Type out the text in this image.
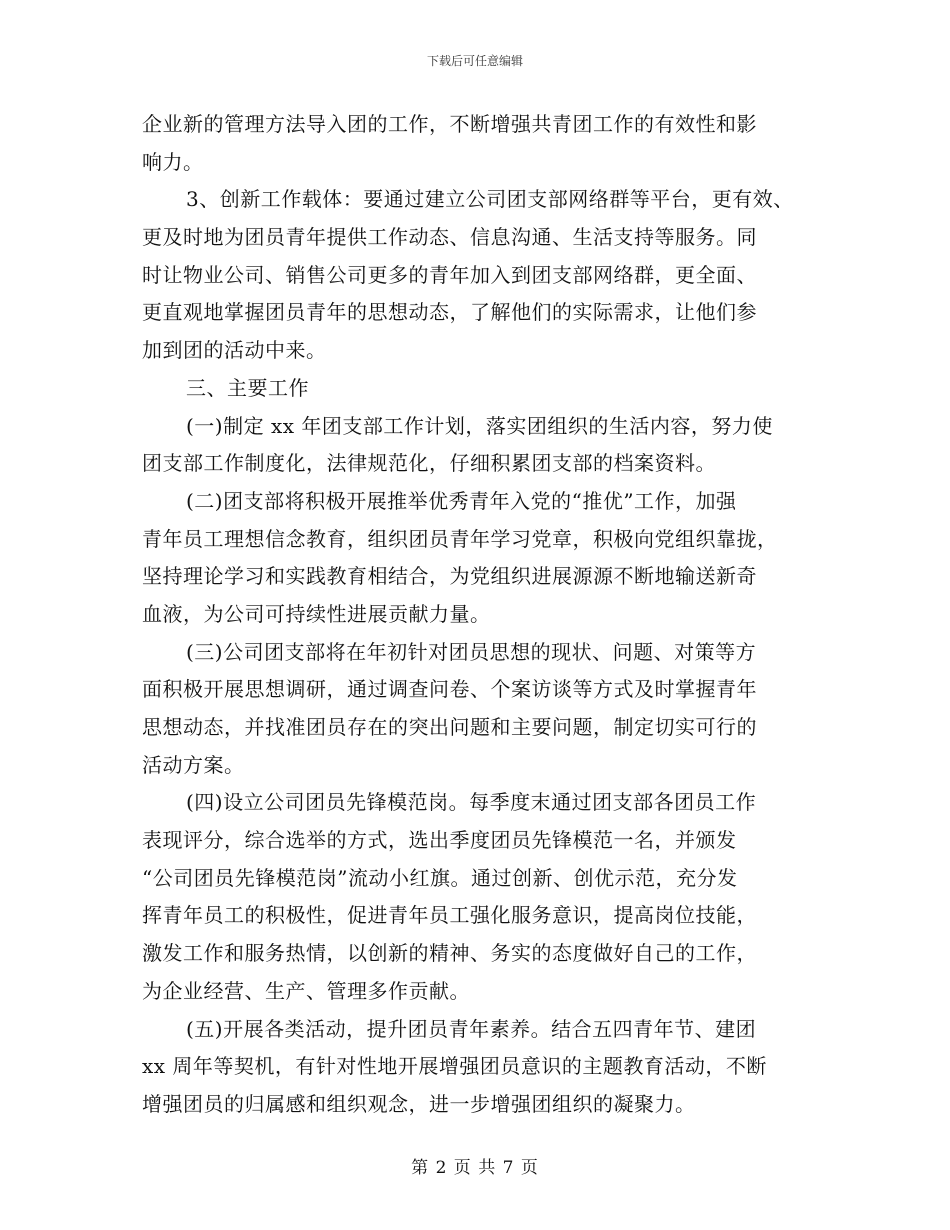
下载后可任意编辑
企业新的管理方法导入团的工作，不断增强共青团工作的有效性和影
响力。
3、创新工作载体：要通过建立公司团支部网络群等平台，更有效、
更及时地为团员青年提供工作动态、信息沟通、生活支持等服务。同
时让物业公司、销售公司更多的青年加入到团支部网络群，更全面、
更直观地掌握团员青年的思想动态，了解他们的实际需求，让他们参
加到团的活动中来。
三、主要工作
(一)制定 xx 年团支部工作计划，落实团组织的生活内容，努力使
团支部工作制度化，法律规范化，仔细积累团支部的档案资料。
(二)团支部将积极开展推举优秀青年入党的“推优”工作，加强
青年员工理想信念教育，组织团员青年学习党章，积极向党组织靠拢，
坚持理论学习和实践教育相结合，为党组织进展源源不断地输送新奇
血液，为公司可持续性进展贡献力量。
(三)公司团支部将在年初针对团员思想的现状、问题、对策等方
面积极开展思想调研，通过调查问卷、个案访谈等方式及时掌握青年
思想动态，并找准团员存在的突出问题和主要问题，制定切实可行的
活动方案。
(四)设立公司团员先锋模范岗。每季度末通过团支部各团员工作
表现评分，综合选举的方式，选出季度团员先锋模范一名，并颁发
“公司团员先锋模范岗”流动小红旗。通过创新、创优示范，充分发
挥青年员工的积极性，促进青年员工强化服务意识，提高岗位技能，
激发工作和服务热情，以创新的精神、务实的态度做好自己的工作，
为企业经营、生产、管理多作贡献。
(五)开展各类活动，提升团员青年素养。结合五四青年节、建团
xx 周年等契机，有针对性地开展增强团员意识的主题教育活动，不断
增强团员的归属感和组织观念，进一步增强团组织的凝聚力。
第 2 页 共 7 页
